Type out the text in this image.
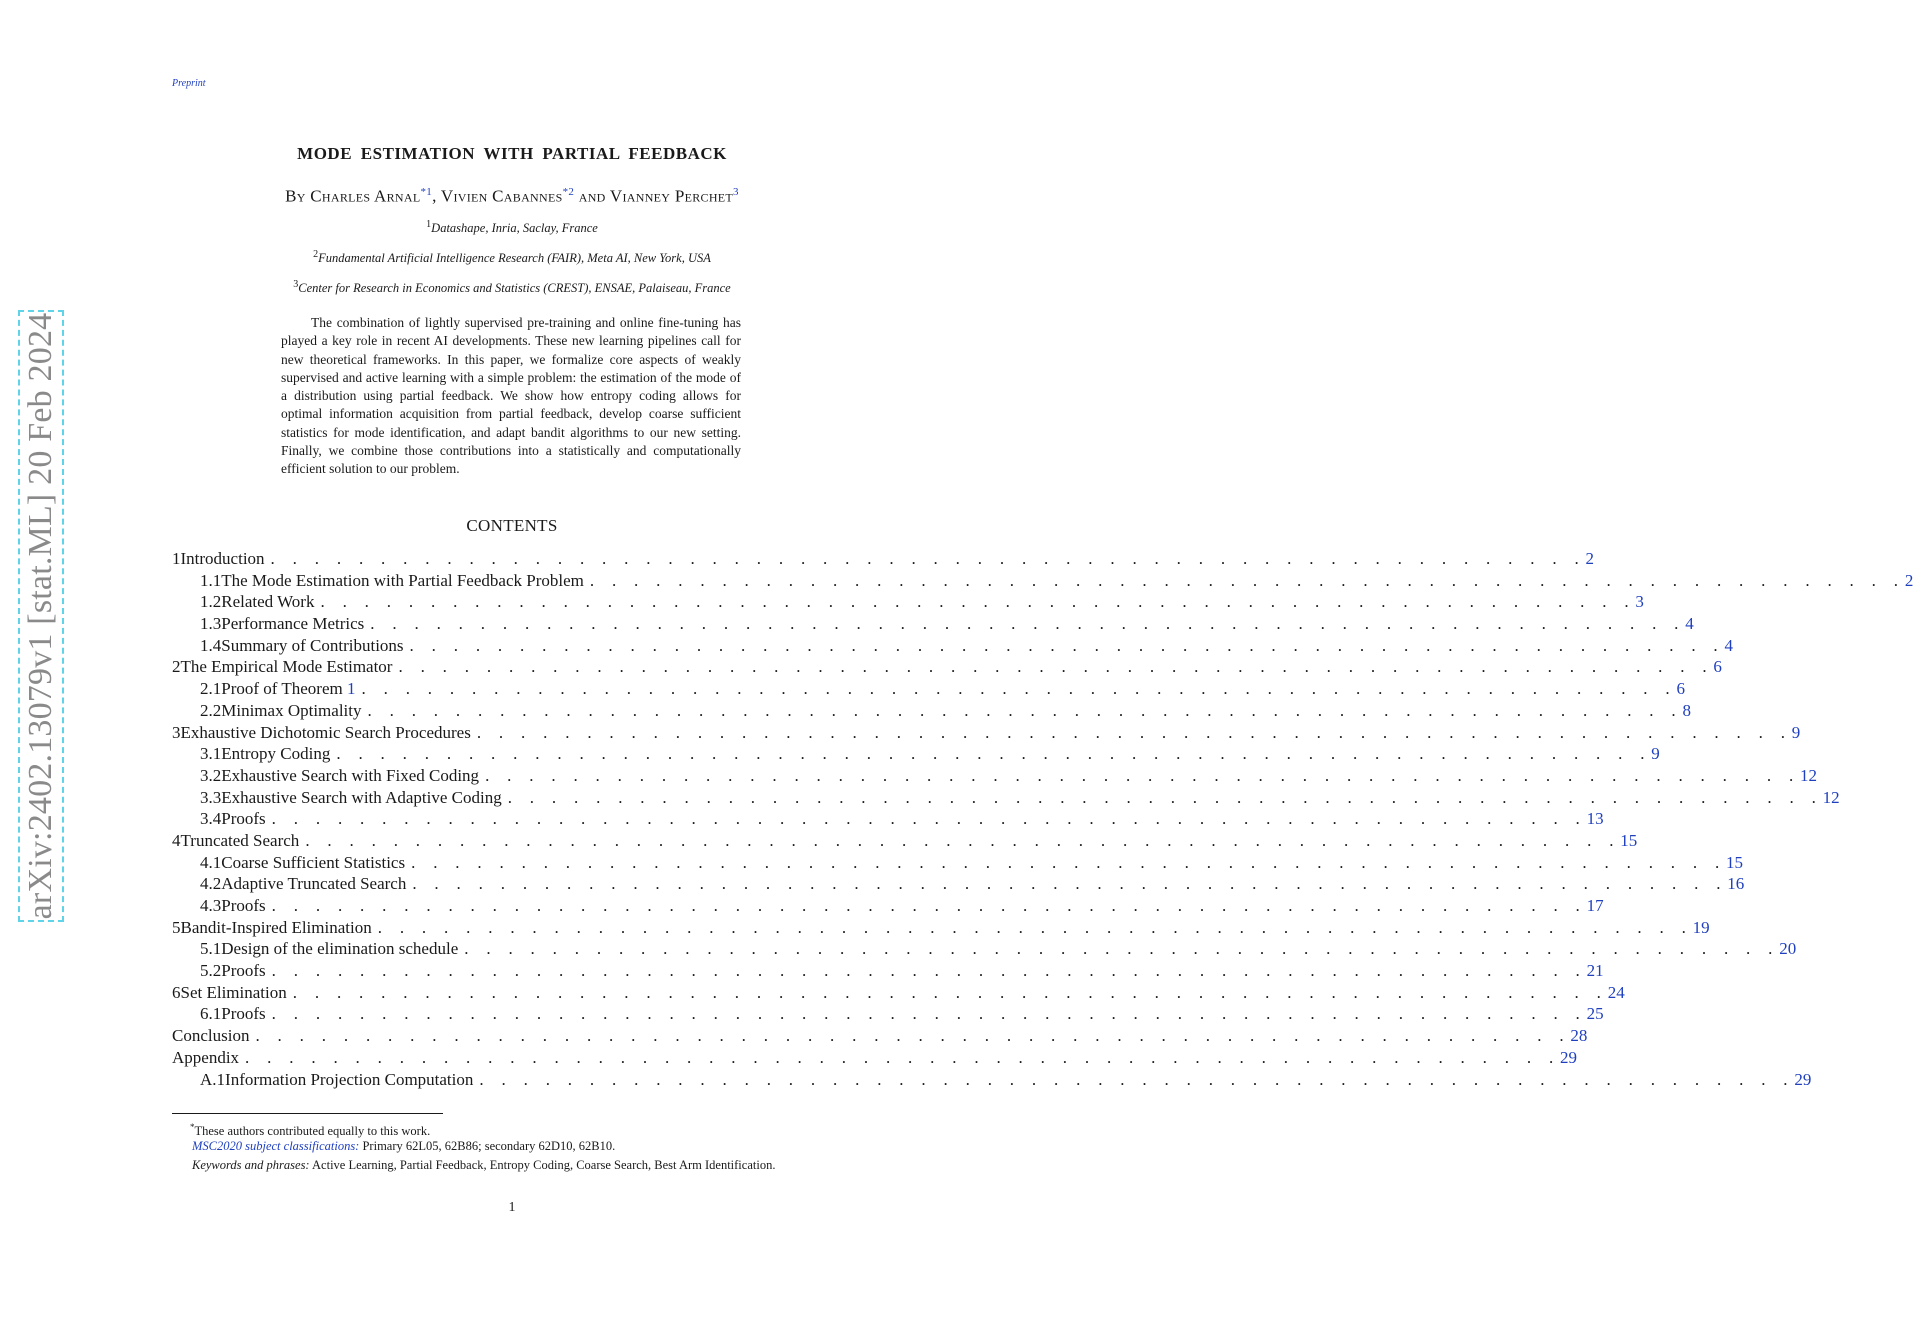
Preprint
MODE ESTIMATION WITH PARTIAL FEEDBACK
By Charles Arnal$^{*1}$, Vivien Cabannes$^{*2}$ and Vianney Perchet$^3$
$^1$Datashape, Inria, Saclay, France
$^2$Fundamental Artificial Intelligence Research (FAIR), Meta AI, New York, USA
$^3$Center for Research in Economics and Statistics (CREST), ENSAE, Palaiseau, France
The combination of lightly supervised pre-training and online fine-tuning has played a key role in recent AI developments. These new learning pipelines call for new theoretical frameworks. In this paper, we formalize core aspects of weakly supervised and active learning with a simple problem: the estimation of the mode of a distribution using partial feedback. We show how entropy coding allows for optimal information acquisition from partial feedback, develop coarse sufficient statistics for mode identification, and adapt bandit algorithms to our new setting. Finally, we combine those contributions into a statistically and computationally efficient solution to our problem.
CONTENTS
1 Introduction . . . . . . . . . . . . . . . . . . . . . . . . . . . . . . . . . . . . . . . . . . . . . . . . . . . . . . . . . . . . 2
1.1 The Mode Estimation with Partial Feedback Problem . . . . . . . . . . . . . . . . . . . . . . . . . . . . . . . . . . . . . . . . . . . . . . . . . . . . . . . . . . . . 2
1.2 Related Work . . . . . . . . . . . . . . . . . . . . . . . . . . . . . . . . . . . . . . . . . . . . . . . . . . . . . . . . . . . . 3
1.3 Performance Metrics . . . . . . . . . . . . . . . . . . . . . . . . . . . . . . . . . . . . . . . . . . . . . . . . . . . . . . . . . . . . 4
1.4 Summary of Contributions . . . . . . . . . . . . . . . . . . . . . . . . . . . . . . . . . . . . . . . . . . . . . . . . . . . . . . . . . . . . 4
2 The Empirical Mode Estimator . . . . . . . . . . . . . . . . . . . . . . . . . . . . . . . . . . . . . . . . . . . . . . . . . . . . . . . . . . . . 6
2.1 Proof of Theorem 1 . . . . . . . . . . . . . . . . . . . . . . . . . . . . . . . . . . . . . . . . . . . . . . . . . . . . . . . . . . . . 6
2.2 Minimax Optimality . . . . . . . . . . . . . . . . . . . . . . . . . . . . . . . . . . . . . . . . . . . . . . . . . . . . . . . . . . . . 8
3 Exhaustive Dichotomic Search Procedures . . . . . . . . . . . . . . . . . . . . . . . . . . . . . . . . . . . . . . . . . . . . . . . . . . . . . . . . . . . . 9
3.1 Entropy Coding . . . . . . . . . . . . . . . . . . . . . . . . . . . . . . . . . . . . . . . . . . . . . . . . . . . . . . . . . . . . 9
3.2 Exhaustive Search with Fixed Coding . . . . . . . . . . . . . . . . . . . . . . . . . . . . . . . . . . . . . . . . . . . . . . . . . . . . . . . . . . . . 12
3.3 Exhaustive Search with Adaptive Coding . . . . . . . . . . . . . . . . . . . . . . . . . . . . . . . . . . . . . . . . . . . . . . . . . . . . . . . . . . . . 12
3.4 Proofs . . . . . . . . . . . . . . . . . . . . . . . . . . . . . . . . . . . . . . . . . . . . . . . . . . . . . . . . . . . . 13
4 Truncated Search . . . . . . . . . . . . . . . . . . . . . . . . . . . . . . . . . . . . . . . . . . . . . . . . . . . . . . . . . . . . 15
4.1 Coarse Sufficient Statistics . . . . . . . . . . . . . . . . . . . . . . . . . . . . . . . . . . . . . . . . . . . . . . . . . . . . . . . . . . . . 15
4.2 Adaptive Truncated Search . . . . . . . . . . . . . . . . . . . . . . . . . . . . . . . . . . . . . . . . . . . . . . . . . . . . . . . . . . . . 16
4.3 Proofs . . . . . . . . . . . . . . . . . . . . . . . . . . . . . . . . . . . . . . . . . . . . . . . . . . . . . . . . . . . . 17
5 Bandit-Inspired Elimination . . . . . . . . . . . . . . . . . . . . . . . . . . . . . . . . . . . . . . . . . . . . . . . . . . . . . . . . . . . . 19
5.1 Design of the elimination schedule . . . . . . . . . . . . . . . . . . . . . . . . . . . . . . . . . . . . . . . . . . . . . . . . . . . . . . . . . . . . 20
5.2 Proofs . . . . . . . . . . . . . . . . . . . . . . . . . . . . . . . . . . . . . . . . . . . . . . . . . . . . . . . . . . . . 21
6 Set Elimination . . . . . . . . . . . . . . . . . . . . . . . . . . . . . . . . . . . . . . . . . . . . . . . . . . . . . . . . . . . . 24
6.1 Proofs . . . . . . . . . . . . . . . . . . . . . . . . . . . . . . . . . . . . . . . . . . . . . . . . . . . . . . . . . . . . 25
Conclusion . . . . . . . . . . . . . . . . . . . . . . . . . . . . . . . . . . . . . . . . . . . . . . . . . . . . . . . . . . . . 28
Appendix . . . . . . . . . . . . . . . . . . . . . . . . . . . . . . . . . . . . . . . . . . . . . . . . . . . . . . . . . . . . 29
A.1 Information Projection Computation . . . . . . . . . . . . . . . . . . . . . . . . . . . . . . . . . . . . . . . . . . . . . . . . . . . . . . . . . . . . 29
*These authors contributed equally to this work.
MSC2020 subject classifications: Primary 62L05, 62B86; secondary 62D10, 62B10.
Keywords and phrases: Active Learning, Partial Feedback, Entropy Coding, Coarse Search, Best Arm Identification.
1
arXiv:2402.13079v1 [stat.ML] 20 Feb 2024
